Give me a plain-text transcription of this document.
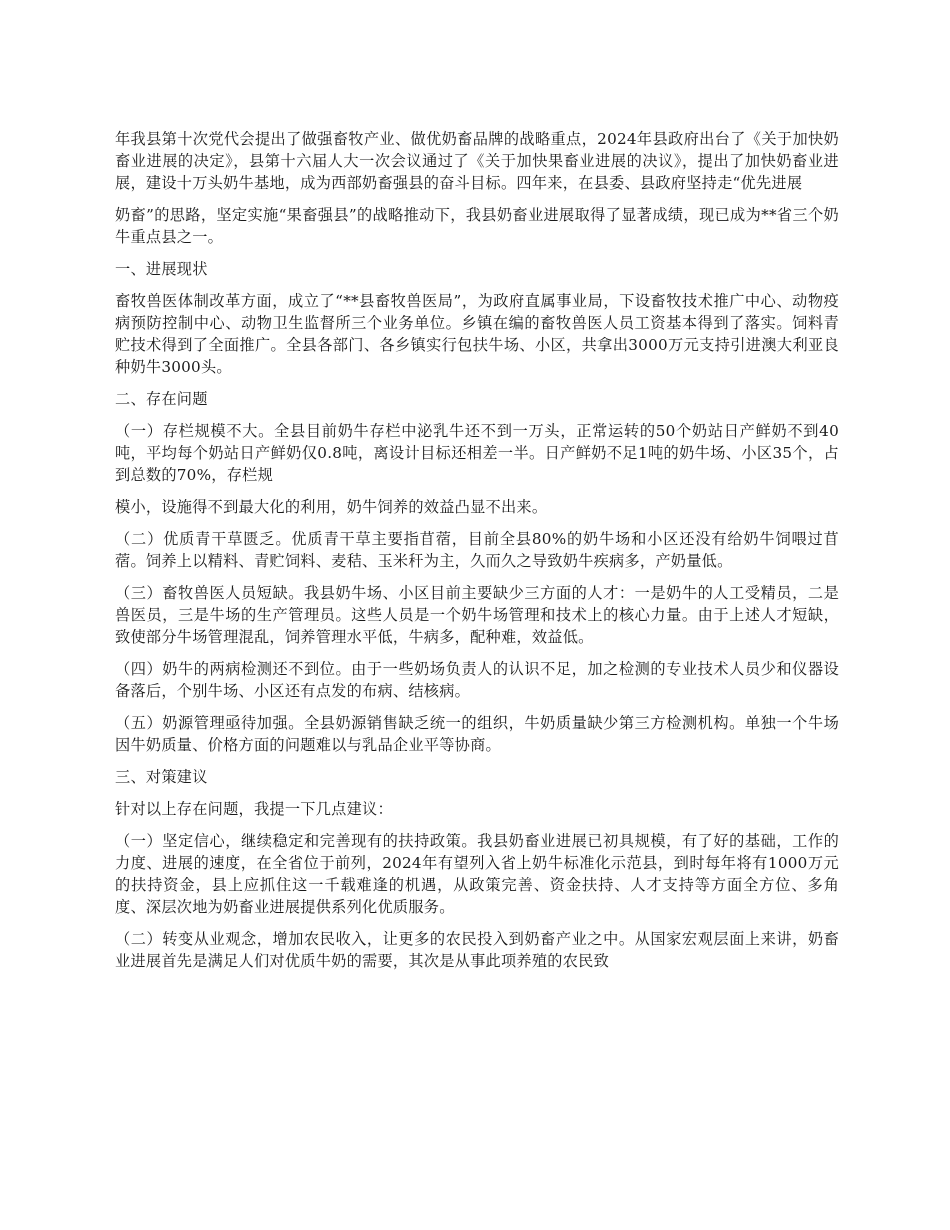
年我县第十次党代会提出了做强畜牧产业、做优奶畜品牌的战略重点，2024年县政府出台了《关于加快奶畜业进展的决定》，县第十六届人大一次会议通过了《关于加快果畜业进展的决议》，提出了加快奶畜业进展，建设十万头奶牛基地，成为西部奶畜强县的奋斗目标。四年来，在县委、县政府坚持走“优先进展

奶畜”的思路，坚定实施“果畜强县”的战略推动下，我县奶畜业进展取得了显著成绩，现已成为**省三个奶牛重点县之一。

一、进展现状

畜牧兽医体制改革方面，成立了“**县畜牧兽医局”，为政府直属事业局，下设畜牧技术推广中心、动物疫病预防控制中心、动物卫生监督所三个业务单位。乡镇在编的畜牧兽医人员工资基本得到了落实。饲料青贮技术得到了全面推广。全县各部门、各乡镇实行包扶牛场、小区，共拿出3000万元支持引进澳大利亚良种奶牛3000头。

二、存在问题

（一）存栏规模不大。全县目前奶牛存栏中泌乳牛还不到一万头，正常运转的50个奶站日产鲜奶不到40吨，平均每个奶站日产鲜奶仅0.8吨，离设计目标还相差一半。日产鲜奶不足1吨的奶牛场、小区35个，占到总数的70%，存栏规

模小，设施得不到最大化的利用，奶牛饲养的效益凸显不出来。

（二）优质青干草匮乏。优质青干草主要指苜蓿，目前全县80%的奶牛场和小区还没有给奶牛饲喂过苜蓿。饲养上以精料、青贮饲料、麦秸、玉米秆为主，久而久之导致奶牛疾病多，产奶量低。

（三）畜牧兽医人员短缺。我县奶牛场、小区目前主要缺少三方面的人才：一是奶牛的人工受精员，二是兽医员，三是牛场的生产管理员。这些人员是一个奶牛场管理和技术上的核心力量。由于上述人才短缺，致使部分牛场管理混乱，饲养管理水平低，牛病多，配种难，效益低。

（四）奶牛的两病检测还不到位。由于一些奶场负责人的认识不足，加之检测的专业技术人员少和仪器设备落后，个别牛场、小区还有点发的布病、结核病。

（五）奶源管理亟待加强。全县奶源销售缺乏统一的组织，牛奶质量缺少第三方检测机构。单独一个牛场因牛奶质量、价格方面的问题难以与乳品企业平等协商。

三、对策建议

针对以上存在问题，我提一下几点建议：

（一）坚定信心，继续稳定和完善现有的扶持政策。我县奶畜业进展已初具规模，有了好的基础，工作的力度、进展的速度，在全省位于前列，2024年有望列入省上奶牛标准化示范县，到时每年将有1000万元的扶持资金，县上应抓住这一千载难逢的机遇，从政策完善、资金扶持、人才支持等方面全方位、多角度、深层次地为奶畜业进展提供系列化优质服务。

（二）转变从业观念，增加农民收入，让更多的农民投入到奶畜产业之中。从国家宏观层面上来讲，奶畜业进展首先是满足人们对优质牛奶的需要，其次是从事此项养殖的农民致
